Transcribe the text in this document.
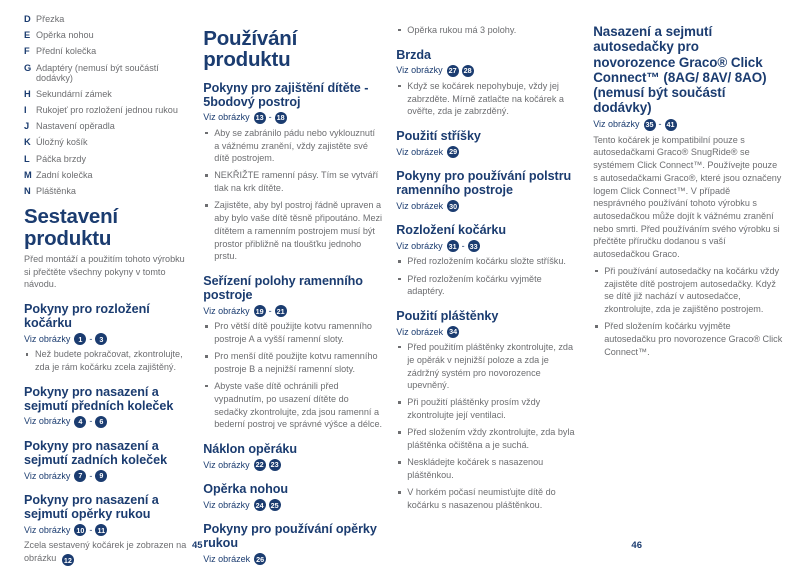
D Přezka
E Opěrka nohou
F Přední kolečka
G Adaptéry (nemusí být součástí dodávky)
H Sekundární zámek
I	Rukojeť pro rozložení jednou rukou
J Nastavení opěradla
K Úložný košík
L Páčka brzdy
M Zadní kolečka
N Pláštěnka
Sestavení produktu
Před montáží a použitím tohoto výrobku si přečtěte všechny pokyny v tomto návodu.
Pokyny pro rozložení kočárku
Viz obrázky	1 - 3
Než budete pokračovat, zkontrolujte, zda je rám kočárku zcela zajištěný.
Pokyny pro nasazení a sejmutí předních koleček
Viz obrázky	4 - 6
Pokyny pro nasazení a sejmutí zadních koleček
Viz obrázky	7 - 9
Pokyny pro nasazení a sejmutí opěrky rukou
Viz obrázky 10 - 11
Zcela sestavený kočárek je zobrazen na obrázku 12
Používání produktu
Pokyny pro zajištění dítěte - 5bodový postroj
Viz obrázky 13 - 18
Aby se zabránilo pádu nebo vyklouznutí a vážnému zranění, vždy zajistěte své dítě postrojem.
NEKŘIŽTE ramenní pásy. Tím se vytváří tlak na krk dítěte.
Zajistěte, aby byl postroj řádně upraven a aby bylo vaše dítě těsně připoutáno. Mezi dítětem a ramenním postrojem musí být prostor přibližně na tloušťku jednoho prstu.
Seřízení polohy ramenního postroje
Viz obrázky 19 - 21
Pro větší dítě použijte kotvu ramenního postroje A a vyšší ramenní sloty.
Pro menší dítě použijte kotvu ramenního postroje B a nejnižší ramenní sloty.
Abyste vaše dítě ochránili před vypadnutím, po usazení dítěte do sedačky zkontrolujte, zda jsou ramenní a bederní postroj ve správné výšce a délce.
Náklon opěráku
Viz obrázky 22 23
Opěrka nohou
Viz obrázky 24 25
Pokyny pro používání opěrky rukou
Viz obrázek 26
Opěrka rukou má 3 polohy.
Brzda
Viz obrázky 27 28
Když se kočárek nepohybuje, vždy jej zabrzděte. Mírně zatlačte na kočárek a ověřte, zda je zabrzděný.
Použití stříšky
Viz obrázek 29
Pokyny pro používání polstru ramenního postroje
Viz obrázek 30
Rozložení kočárku
Viz obrázky 31 - 33
Před rozložením kočárku složte stříšku.
Před rozložením kočárku vyjměte adaptéry.
Použití pláštěnky
Viz obrázek 34
Před použitím pláštěnky zkontrolujte, zda je opěrák v nejnižší poloze a zda je zádržný systém pro novorozence upevněný.
Při použití pláštěnky prosím vždy zkontrolujte její ventilaci.
Před složením vždy zkontrolujte, zda byla pláštěnka očištěna a je suchá.
Neskládejte kočárek s nasazenou pláštěnkou.
V horkém počasí neumisťujte dítě do kočárku s nasazenou pláštěnkou.
Nasazení a sejmutí autosedačky pro novorozence Graco® Click Connect™ (8AG/ 8AV/ 8AO) (nemusí být součástí dodávky)
Viz obrázky 35 - 41
Tento kočárek je kompatibilní pouze s autosedačkami Graco® SnugRide® se systémem Click Connect™. Používejte pouze s autosedačkami Graco®, které jsou označeny logem Click Connect™. V případě nesprávného používání tohoto výrobku s autosedačkou může dojít k vážnému zranění nebo smrti. Před používáním svého výrobku si přečtěte příručku dodanou s vaší autosedačkou Graco.
Při používání autosedačky na kočárku vždy zajistěte dítě postrojem autosedačky. Když se dítě již nachází v autosedačce, zkontrolujte, zda je zajištěno postrojem.
Před složením kočárku vyjměte autosedačku pro novorozence Graco® Click Connect™.
45	46
